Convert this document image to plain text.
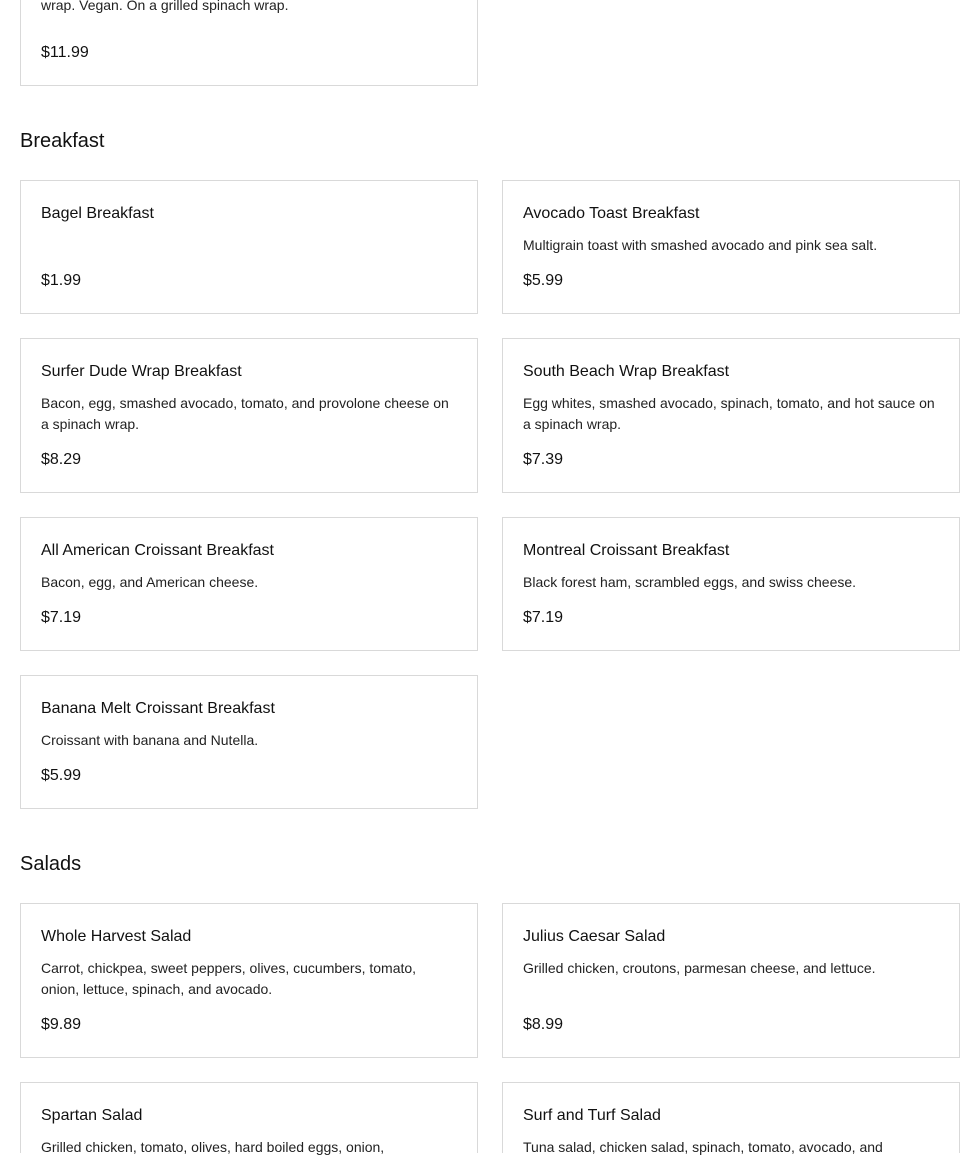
wrap. Vegan. On a grilled spinach wrap.
$11.99
Breakfast
Bagel Breakfast
$1.99
Avocado Toast Breakfast
Multigrain toast with smashed avocado and pink sea salt.
$5.99
Surfer Dude Wrap Breakfast
Bacon, egg, smashed avocado, tomato, and provolone cheese on a spinach wrap.
$8.29
South Beach Wrap Breakfast
Egg whites, smashed avocado, spinach, tomato, and hot sauce on a spinach wrap.
$7.39
All American Croissant Breakfast
Bacon, egg, and American cheese.
$7.19
Montreal Croissant Breakfast
Black forest ham, scrambled eggs, and swiss cheese.
$7.19
Banana Melt Croissant Breakfast
Croissant with banana and Nutella.
$5.99
Salads
Whole Harvest Salad
Carrot, chickpea, sweet peppers, olives, cucumbers, tomato, onion, lettuce, spinach, and avocado.
$9.89
Julius Caesar Salad
Grilled chicken, croutons, parmesan cheese, and lettuce.
$8.99
Spartan Salad
Grilled chicken, tomato, olives, hard boiled eggs, onion,
Surf and Turf Salad
Tuna salad, chicken salad, spinach, tomato, avocado, and
